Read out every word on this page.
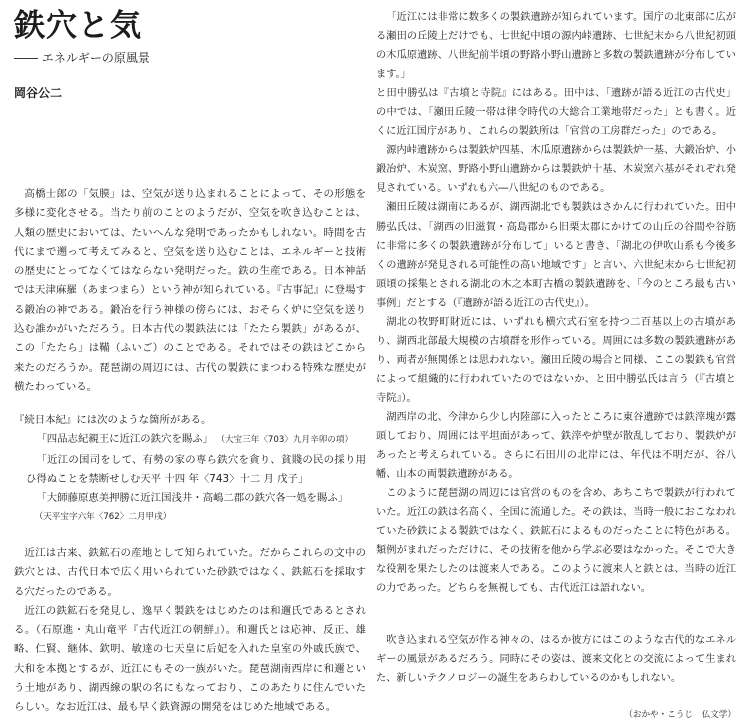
鉄穴と気
―― エネルギーの原風景
岡谷公二

高橋士郎の「気膜」は、空気が送り込まれることによって、その形態を多様に変化させる。当たり前のことのようだが、空気を吹き込むことは、人類の歴史においては、たいへんな発明であったかもしれない。時間を古代にまで遡って考えてみると、空気を送り込むことは、エネルギーと技術の歴史にとってなくてはならない発明だった。鉄の生産である。日本神話では天津麻羅（あまつまら）という神が知られている。『古事記』に登場する鍛冶の神である。鍛冶を行う神様の傍らには、おそらく炉に空気を送り込む誰かがいただろう。日本古代の製鉄法には「たたら製鉄」があるが、この「たたら」は鞴（ふいご）のことである。それではその鉄はどこから来たのだろうか。琵琶湖の周辺には、古代の製鉄にまつわる特殊な歴史が横たわっている。

『続日本紀』には次のような箇所がある。

「四品志紀親王に近江の鉄穴を賜ふ」 （大宝三年〈703〉九月辛卯の項）

「近江の国司をして、有勢の家の専ら鉄穴を貪り、貧賤の民の採り用ひ得ぬことを禁断せしむ天平 十四 年〈743〉十二 月 戊子」

「大師藤原恵美押勝に近江国浅井・高嶋二郡の鉄穴各一処を賜ふ」

（天平宝字六年〈762〉二月甲戌）

近江は古来、鉄鉱石の産地として知られていた。だからこれらの文中の鉄穴とは、古代日本で広く用いられていた砂鉄ではなく、鉄鉱石を採取する穴だったのである。

近江の鉄鉱石を発見し、逸早く製鉄をはじめたのは和邇氏であるとされる。（石原進・丸山竜平『古代近江の朝鮮』）。和邇氏とは応神、反正、雄略、仁賢、継体、欽明、敏達の七天皇に后妃を入れた皇室の外戚氏族で、大和を本拠とするが、近江にもその一族がいた。琵琶湖南西岸に和邇という土地があり、湖西線の駅の名にもなっており、このあたりに住んでいたらしい。なお近江は、最も早く鉄資源の開発をはじめた地域である。

「近江には非常に数多くの製鉄遺跡が知られています。国庁の北東部に広がる瀬田の丘陵上だけでも、七世紀中頃の源内峠遺跡、七世紀末から八世紀初頭の木瓜原遺跡、八世紀前半頃の野路小野山遺跡と多数の製鉄遺跡が分布しています。」

と田中勝弘は『古墳と寺院』にはある。田中は、「遺跡が語る近江の古代史」の中では、「瀬田丘陵一帯は律令時代の大総合工業地帯だった」とも書く。近くに近江国庁があり、これらの製鉄所は「官営の工房群だった」のである。

源内峠遺跡からは製鉄炉四基、木瓜原遺跡からは製鉄炉一基、大鍛冶炉、小鍛冶炉、木炭窯、野路小野山遺跡からは製鉄炉十基、木炭窯六基がそれぞれ発見されている。いずれも六―八世紀のものである。

瀬田丘陵は湖南にあるが、湖西湖北でも製鉄はさかんに行われていた。田中勝弘氏は、「湖西の旧滋賀・高島郡から旧栗太郡にかけての山丘の谷間や谷筋に非常に多くの製鉄遺跡が分布して」いると書き、「湖北の伊吹山系も今後多くの遺跡が発見される可能性の高い地域です」と言い、六世紀末から七世紀初頭頃の採集とされる湖北の木之本町古橋の製鉄遺跡を、「今のところ最も古い事例」だとする（『遺跡が語る近江の古代史』）。

湖北の牧野町財近には、いずれも横穴式石室を持つ二百基以上の古墳があり、湖西北部最大規模の古墳群を形作っている。周囲には多数の製鉄遺跡があり、両者が無関係とは思われない。瀬田丘陵の場合と同様、ここの製鉄も官営によって組織的に行われていたのではないか、と田中勝弘氏は言う（『古墳と寺院』）。

湖西岸の北、今津から少し内陸部に入ったところに東谷遺跡では鉄滓塊が露頭しており、周囲には平坦面があって、鉄滓や炉壁が散乱しており、製鉄炉があったと考えられている。さらに石田川の北岸には、年代は不明だが、谷八幡、山本の両製鉄遺跡がある。

このように琵琶湖の周辺には官営のものを含め、あちこちで製鉄が行われていた。近江の鉄は名高く、全国に流通した。その鉄は、当時一般におこなわれていた砂鉄による製鉄ではなく、鉄鉱石によるものだったことに特色がある。類例がまれだっただけに、その技術を他から学ぶ必要はなかった。そこで大きな役割を果たしたのは渡来人である。このように渡来人と鉄とは、当時の近江の力であった。どちらを無視しても、古代近江は語れない。

吹き込まれる空気が作る神々の、はるか彼方にはこのような古代的なエネルギーの風景があるだろう。同時にその姿は、渡来文化との交流によって生まれた、新しいテクノロジーの誕生をあらわしているのかもしれない。

（おかや・こうじ　仏文学）
